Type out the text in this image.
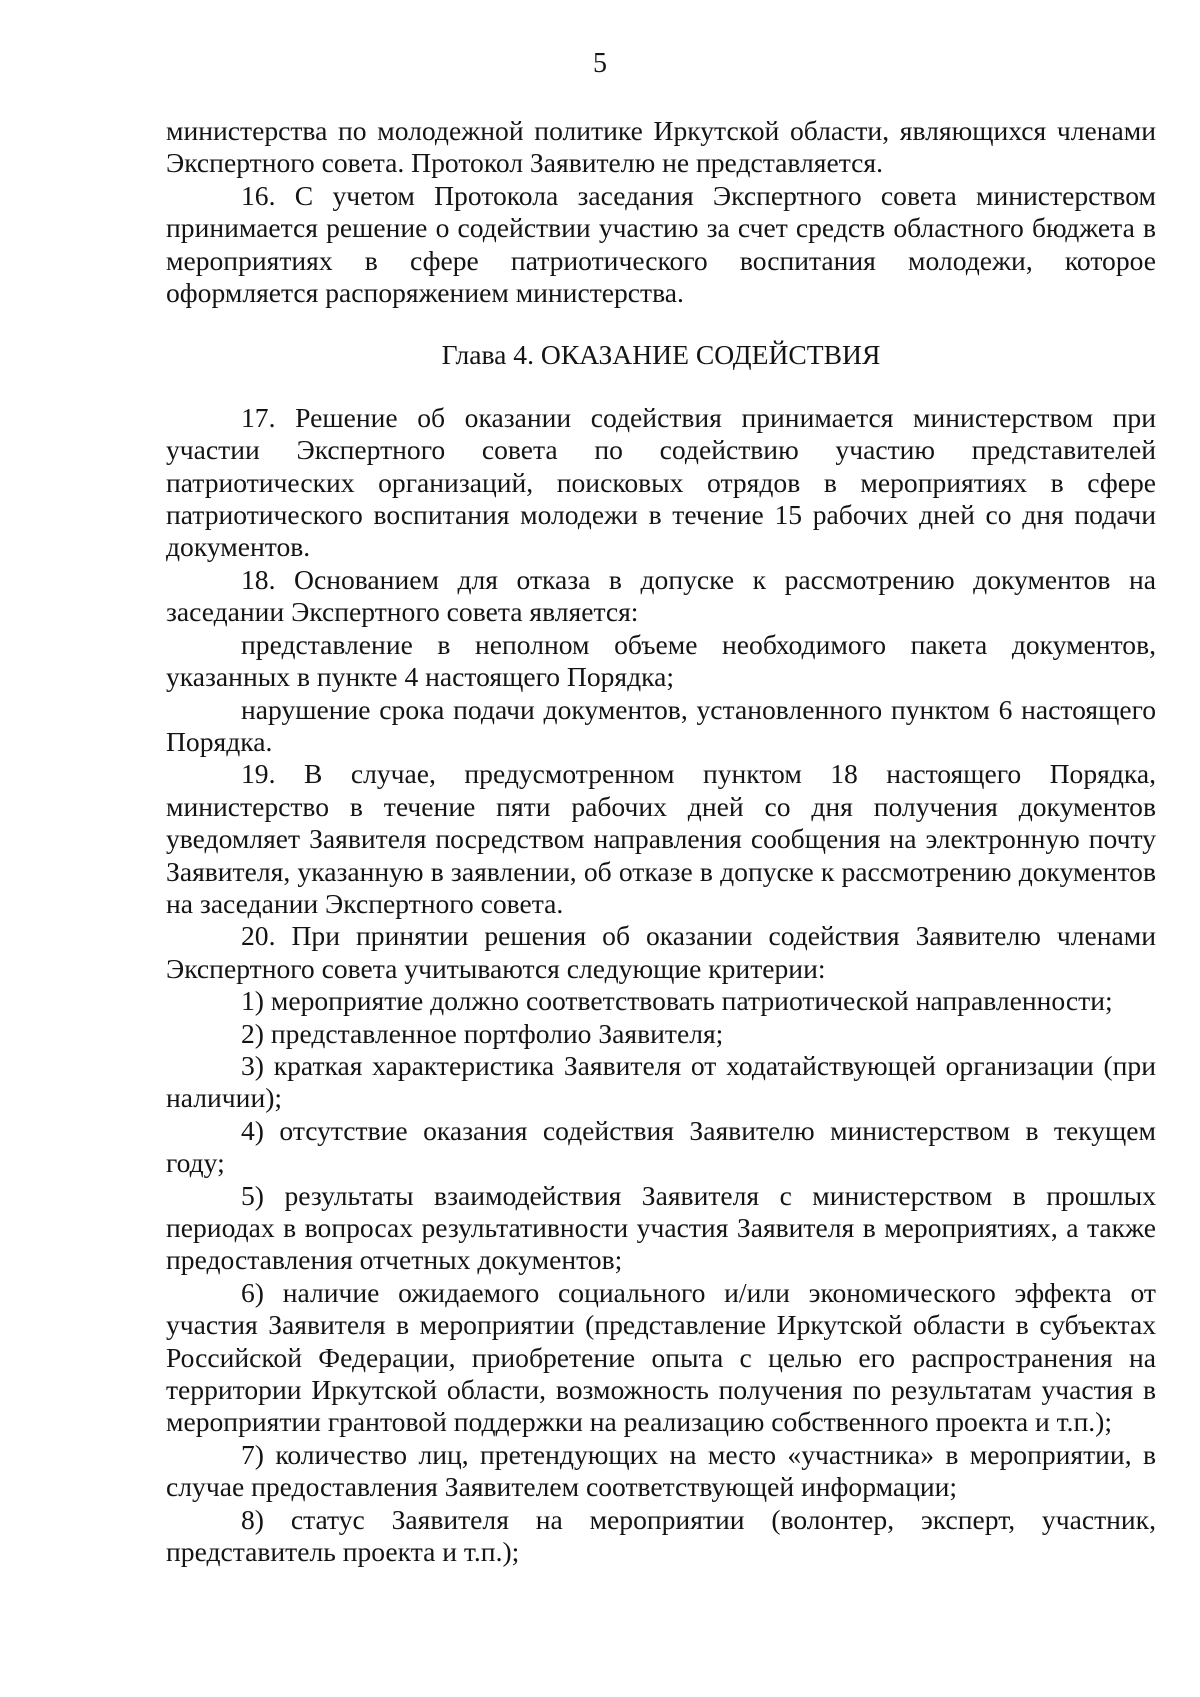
5

министерства по молодежной политике Иркутской области, являющихся членами Экспертного совета. Протокол Заявителю не представляется.

16. С учетом Протокола заседания Экспертного совета министерством принимается решение о содействии участию за счет средств областного бюджета в мероприятиях в сфере патриотического воспитания молодежи, которое оформляется распоряжением министерства.

Глава 4. ОКАЗАНИЕ СОДЕЙСТВИЯ

17. Решение об оказании содействия принимается министерством при участии Экспертного совета по содействию участию представителей патриотических организаций, поисковых отрядов в мероприятиях в сфере патриотического воспитания молодежи в течение 15 рабочих дней со дня подачи документов.

18. Основанием для отказа в допуске к рассмотрению документов на заседании Экспертного совета является:

представление в неполном объеме необходимого пакета документов, указанных в пункте 4 настоящего Порядка;

нарушение срока подачи документов, установленного пунктом 6 настоящего Порядка.

19. В случае, предусмотренном пунктом 18 настоящего Порядка, министерство в течение пяти рабочих дней со дня получения документов уведомляет Заявителя посредством направления сообщения на электронную почту Заявителя, указанную в заявлении, об отказе в допуске к рассмотрению документов на заседании Экспертного совета.

20. При принятии решения об оказании содействия Заявителю членами Экспертного совета учитываются следующие критерии:

1) мероприятие должно соответствовать патриотической направленности;

2) представленное портфолио Заявителя;

3) краткая характеристика Заявителя от ходатайствующей организации (при наличии);

4) отсутствие оказания содействия Заявителю министерством в текущем году;

5) результаты взаимодействия Заявителя с министерством в прошлых периодах в вопросах результативности участия Заявителя в мероприятиях, а также предоставления отчетных документов;

6) наличие ожидаемого социального и/или экономического эффекта от участия Заявителя в мероприятии (представление Иркутской области в субъектах Российской Федерации, приобретение опыта с целью его распространения на территории Иркутской области, возможность получения по результатам участия в мероприятии грантовой поддержки на реализацию собственного проекта и т.п.);

7) количество лиц, претендующих на место «участника» в мероприятии, в случае предоставления Заявителем соответствующей информации;

8) статус Заявителя на мероприятии (волонтер, эксперт, участник, представитель проекта и т.п.);
